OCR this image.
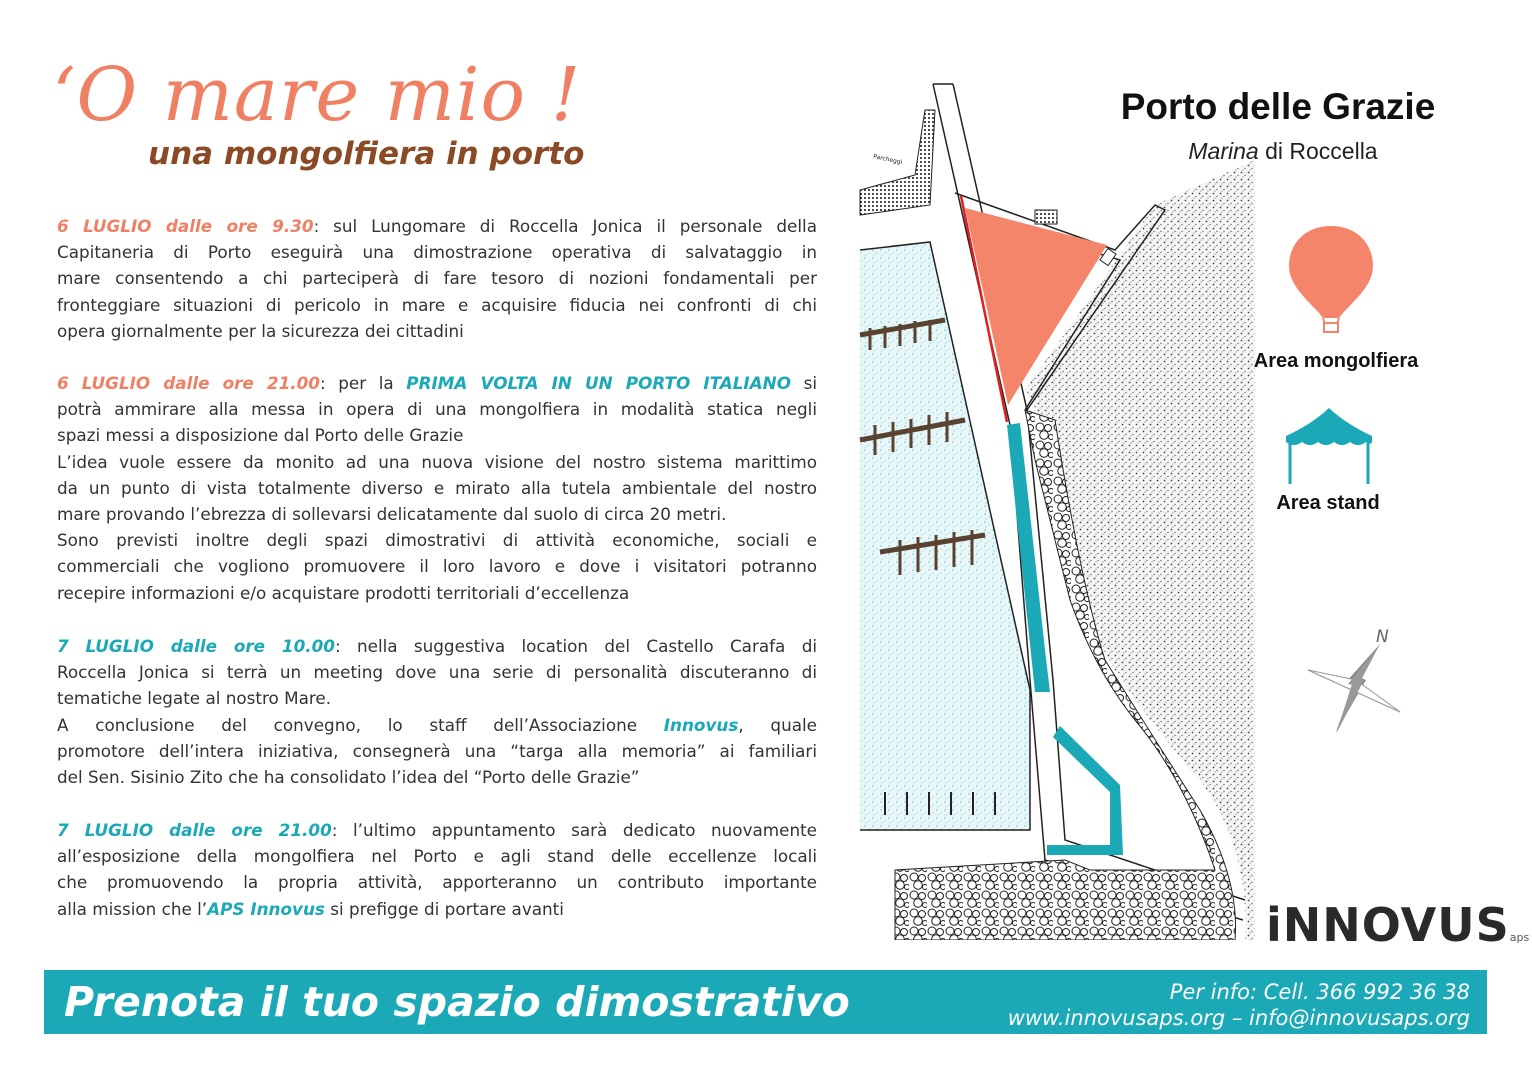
‘O mare mio !
una mongolfiera in porto
6 LUGLIO dalle ore 9.30: sul Lungomare di Roccella Jonica il personale della
Capitaneria di Porto eseguirà una dimostrazione operativa di salvataggio in
mare consentendo a chi parteciperà di fare tesoro di nozioni fondamentali per
fronteggiare situazioni di pericolo in mare e acquisire fiducia nei confronti di chi
opera giornalmente per la sicurezza dei cittadini
6 LUGLIO dalle ore 21.00: per la PRIMA VOLTA IN UN PORTO ITALIANO si
potrà ammirare alla messa in opera di una mongolfiera in modalità statica negli
spazi messi a disposizione dal Porto delle Grazie
L’idea vuole essere da monito ad una nuova visione del nostro sistema marittimo
da un punto di vista totalmente diverso e mirato alla tutela ambientale del nostro
mare provando l’ebrezza di sollevarsi delicatamente dal suolo di circa 20 metri.
Sono previsti inoltre degli spazi dimostrativi di attività economiche, sociali e
commerciali che vogliono promuovere il loro lavoro e dove i visitatori potranno
recepire informazioni e/o acquistare prodotti territoriali d’eccellenza
7 LUGLIO dalle ore 10.00: nella suggestiva location del Castello Carafa di
Roccella Jonica si terrà un meeting dove una serie di personalità discuteranno di
tematiche legate al nostro Mare.
A conclusione del convegno, lo staff dell’Associazione Innovus, quale
promotore dell’intera iniziativa, consegnerà una “targa alla memoria” ai familiari
del Sen. Sisinio Zito che ha consolidato l’idea del “Porto delle Grazie”
7 LUGLIO dalle ore 21.00: l’ultimo appuntamento sarà dedicato nuovamente
all’esposizione della mongolfiera nel Porto e agli stand delle eccellenze locali
che promuovendo la propria attività, apporteranno un contributo importante
alla mission che l’APS Innovus si prefigge di portare avanti
Parcheggi
Porto delle Grazie
Marina di Roccella
Area mongolfiera
Area stand
N
iNNOVUSaps
Prenota il tuo spazio dimostrativo	Per info: Cell. 366 992 36 38
www.innovusaps.org – info@innovusaps.org
